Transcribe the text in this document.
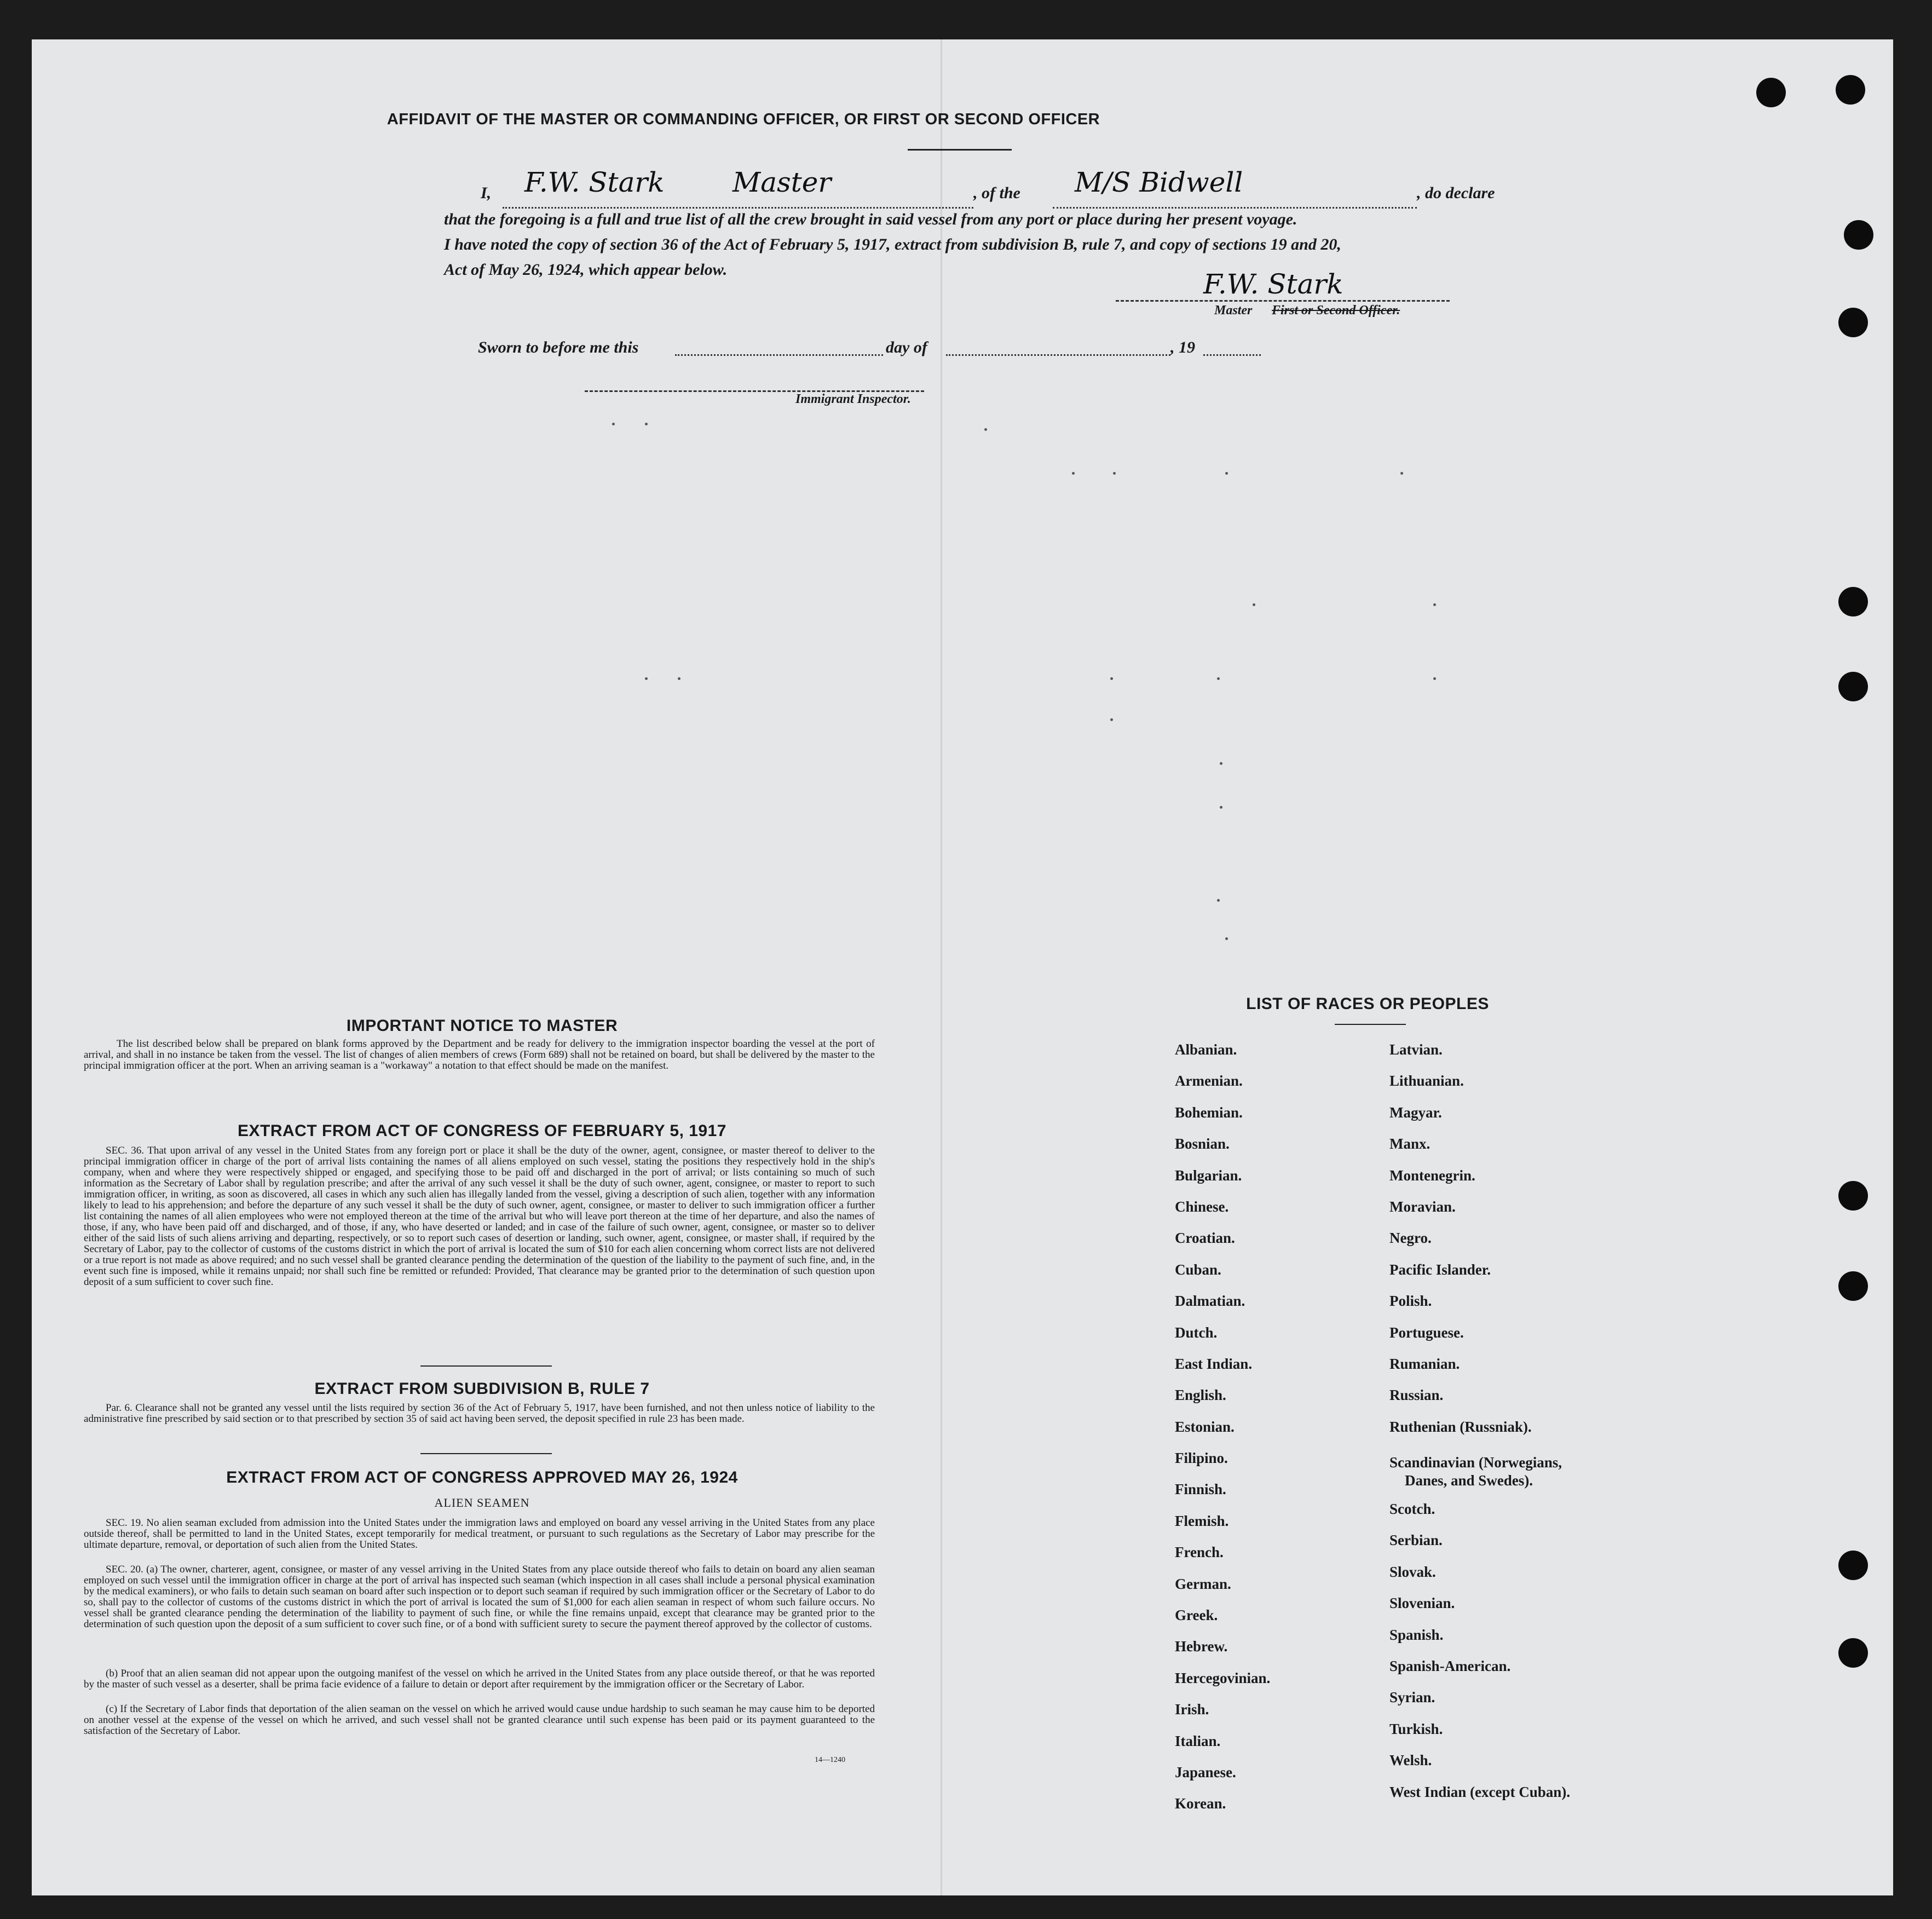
AFFIDAVIT OF THE MASTER OR COMMANDING OFFICER, OR FIRST OR SECOND OFFICER
I, F.W. Stark Master	, of the M/S Bidwell	, do declare
that the foregoing is a full and true list of all the crew brought in said vessel from any port or place during her present voyage.
I have noted the copy of section 36 of the Act of February 5, 1917, extract from subdivision B, rule 7, and copy of sections 19 and 20,
Act of May 26, 1924, which appear below.	F.W. Stark
Master First or Second Officer.
Sworn to before me this	day of	, 19
Immigrant Inspector.
IMPORTANT NOTICE TO MASTER
The list described below shall be prepared on blank forms approved by the Department and be ready for delivery to the immigration inspector boarding the vessel at the port of arrival, and shall in no instance be taken from the vessel. The list of changes of alien members of crews (Form 689) shall not be retained on board, but shall be delivered by the master to the principal immigration officer at the port. When an arriving seaman is a "workaway" a notation to that effect should be made on the manifest.
EXTRACT FROM ACT OF CONGRESS OF FEBRUARY 5, 1917
SEC. 36. That upon arrival of any vessel in the United States from any foreign port or place it shall be the duty of the owner, agent, consignee, or master thereof to deliver to the principal immigration officer in charge of the port of arrival lists containing the names of all aliens employed on such vessel, stating the positions they respectively hold in the ship's company, when and where they were respectively shipped or engaged, and specifying those to be paid off and discharged in the port of arrival; or lists containing so much of such information as the Secretary of Labor shall by regulation prescribe; and after the arrival of any such vessel it shall be the duty of such owner, agent, consignee, or master to report to such immigration officer, in writing, as soon as discovered, all cases in which any such alien has illegally landed from the vessel, giving a description of such alien, together with any information likely to lead to his apprehension; and before the departure of any such vessel it shall be the duty of such owner, agent, consignee, or master to deliver to such immigration officer a further list containing the names of all alien employees who were not employed thereon at the time of the arrival but who will leave port thereon at the time of her departure, and also the names of those, if any, who have been paid off and discharged, and of those, if any, who have deserted or landed; and in case of the failure of such owner, agent, consignee, or master so to deliver either of the said lists of such aliens arriving and departing, respectively, or so to report such cases of desertion or landing, such owner, agent, consignee, or master shall, if required by the Secretary of Labor, pay to the collector of customs of the customs district in which the port of arrival is located the sum of $10 for each alien concerning whom correct lists are not delivered or a true report is not made as above required; and no such vessel shall be granted clearance pending the determination of the question of the liability to the payment of such fine, and, in the event such fine is imposed, while it remains unpaid; nor shall such fine be remitted or refunded: Provided, That clearance may be granted prior to the determination of such question upon deposit of a sum sufficient to cover such fine.
EXTRACT FROM SUBDIVISION B, RULE 7
Par. 6. Clearance shall not be granted any vessel until the lists required by section 36 of the Act of February 5, 1917, have been furnished, and not then unless notice of liability to the administrative fine prescribed by said section or to that prescribed by section 35 of said act having been served, the deposit specified in rule 23 has been made.
EXTRACT FROM ACT OF CONGRESS APPROVED MAY 26, 1924
ALIEN SEAMEN
SEC. 19. No alien seaman excluded from admission into the United States under the immigration laws and employed on board any vessel arriving in the United States from any place outside thereof, shall be permitted to land in the United States, except temporarily for medical treatment, or pursuant to such regulations as the Secretary of Labor may prescribe for the ultimate departure, removal, or deportation of such alien from the United States.
SEC. 20. (a) The owner, charterer, agent, consignee, or master of any vessel arriving in the United States from any place outside thereof who fails to detain on board any alien seaman employed on such vessel until the immigration officer in charge at the port of arrival has inspected such seaman (which inspection in all cases shall include a personal physical examination by the medical examiners), or who fails to detain such seaman on board after such inspection or to deport such seaman if required by such immigration officer or the Secretary of Labor to do so, shall pay to the collector of customs of the customs district in which the port of arrival is located the sum of $1,000 for each alien seaman in respect of whom such failure occurs. No vessel shall be granted clearance pending the determination of the liability to payment of such fine, or while the fine remains unpaid, except that clearance may be granted prior to the determination of such question upon the deposit of a sum sufficient to cover such fine, or of a bond with sufficient surety to secure the payment thereof approved by the collector of customs.
(b) Proof that an alien seaman did not appear upon the outgoing manifest of the vessel on which he arrived in the United States from any place outside thereof, or that he was reported by the master of such vessel as a deserter, shall be prima facie evidence of a failure to detain or deport after requirement by the immigration officer or the Secretary of Labor.
(c) If the Secretary of Labor finds that deportation of the alien seaman on the vessel on which he arrived would cause undue hardship to such seaman he may cause him to be deported on another vessel at the expense of the vessel on which he arrived, and such vessel shall not be granted clearance until such expense has been paid or its payment guaranteed to the satisfaction of the Secretary of Labor.
14—1240
LIST OF RACES OR PEOPLES
Albanian.
Armenian.
Bohemian.
Bosnian.
Bulgarian.
Chinese.
Croatian.
Cuban.
Dalmatian.
Dutch.
East Indian.
English.
Estonian.
Filipino.
Finnish.
Flemish.
French.
German.
Greek.
Hebrew.
Hercegovinian.
Irish.
Italian.
Japanese.
Korean.
Latvian.
Lithuanian.
Magyar.
Manx.
Montenegrin.
Moravian.
Negro.
Pacific Islander.
Polish.
Portuguese.
Rumanian.
Russian.
Ruthenian (Russniak).
Scandinavian (Norwegians,
Danes, and Swedes).
Scotch.
Serbian.
Slovak.
Slovenian.
Spanish.
Spanish-American.
Syrian.
Turkish.
Welsh.
West Indian (except Cuban).
